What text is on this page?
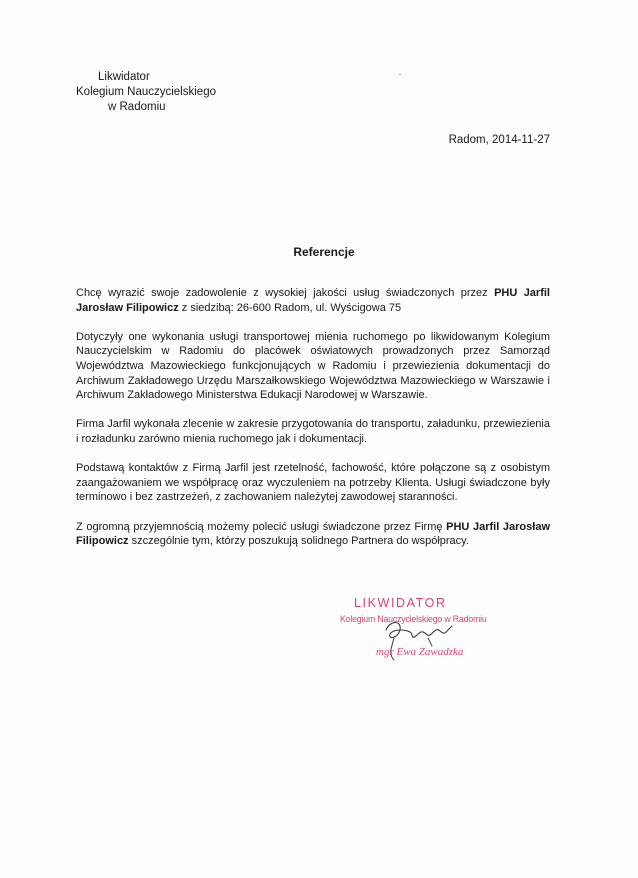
Likwidator
Kolegium Nauczycielskiego
w Radomiu
Radom, 2014-11-27
Referencje

Chcę wyrazić swoje zadowolenie z wysokiej jakości usług świadczonych przez PHU Jarfil Jarosław Filipowicz z siedzibą: 26-600 Radom, ul. Wyścigowa 75

Dotyczyły one wykonania usługi transportowej mienia ruchomego po likwidowanym Kolegium Nauczycielskim w Radomiu do placówek oświatowych prowadzonych przez Samorząd Województwa Mazowieckiego funkcjonujących w Radomiu i przewiezienia dokumentacji do Archiwum Zakładowego Urzędu Marszałkowskiego Województwa Mazowieckiego w Warszawie i Archiwum Zakładowego Ministerstwa Edukacji Narodowej w Warszawie.

Firma Jarfil wykonała zlecenie w zakresie przygotowania do transportu, załadunku, przewiezienia i rozładunku zarówno mienia ruchomego jak i dokumentacji.

Podstawą kontaktów z Firmą Jarfil jest rzetelność, fachowość, które połączone są z osobistym zaangażowaniem we współpracę oraz wyczuleniem na potrzeby Klienta. Usługi świadczone były terminowo i bez zastrzeżeń, z zachowaniem należytej zawodowej staranności.

Z ogromną przyjemnością możemy polecić usługi świadczone przez Firmę PHU Jarfil Jarosław Filipowicz szczególnie tym, którzy poszukują solidnego Partnera do współpracy.

LIKWIDATOR
Kolegium Nauczycielskiego w Radomiu
mgr Ewa Zawadzka
